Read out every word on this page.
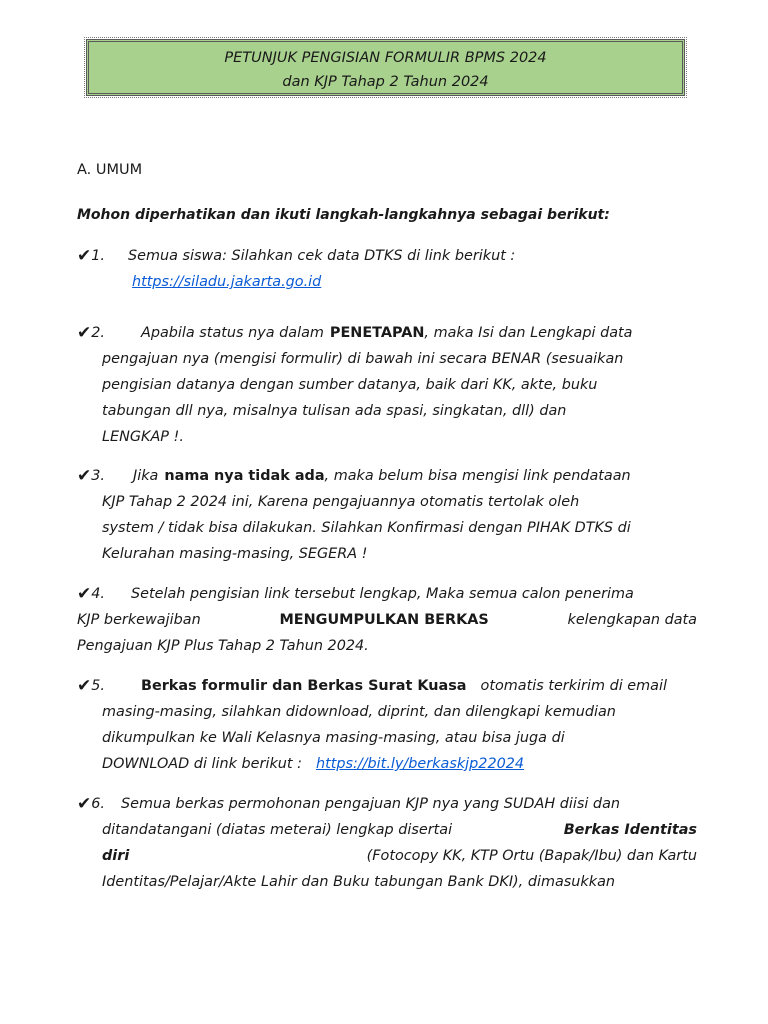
PETUNJUK PENGISIAN FORMULIR BPMS 2024
dan KJP Tahap 2 Tahun 2024
A. UMUM
Mohon diperhatikan dan ikuti langkah-langkahnya sebagai berikut:
✔ 1.	Semua siswa: Silahkan cek data DTKS di link berikut :
https://siladu.jakarta.go.id
✔ 2.	Apabila status nya dalam PENETAPAN , maka Isi dan Lengkapi data
pengajuan nya (mengisi formulir) di bawah ini secara BENAR (sesuaikan
pengisian datanya dengan sumber datanya, baik dari KK, akte, buku
tabungan dll nya, misalnya tulisan ada spasi, singkatan, dll) dan
LENGKAP !.
✔ 3.	Jika nama nya tidak ada , maka belum bisa mengisi link pendataan
KJP Tahap 2 2024 ini, Karena pengajuannya otomatis tertolak oleh
system / tidak bisa dilakukan. Silahkan Konfirmasi dengan PIHAK DTKS di
Kelurahan masing-masing, SEGERA !
✔ 4.	Setelah pengisian link tersebut lengkap, Maka semua calon penerima
KJP berkewajiban	MENGUMPULKAN BERKAS	kelengkapan data
Pengajuan KJP Plus Tahap 2 Tahun 2024.
✔ 5.	Berkas formulir dan Berkas Surat Kuasa otomatis terkirim di email
masing-masing, silahkan didownload, diprint, dan dilengkapi kemudian
dikumpulkan ke Wali Kelasnya masing-masing, atau bisa juga di
DOWNLOAD di link berikut : https://bit.ly/berkaskjp22024
✔ 6.	Semua berkas permohonan pengajuan KJP nya yang SUDAH diisi dan
ditandatangani (diatas meterai) lengkap disertai	Berkas Identitas
diri	(Fotocopy KK, KTP Ortu (Bapak/Ibu) dan Kartu
Identitas/Pelajar/Akte Lahir dan Buku tabungan Bank DKI), dimasukkan
